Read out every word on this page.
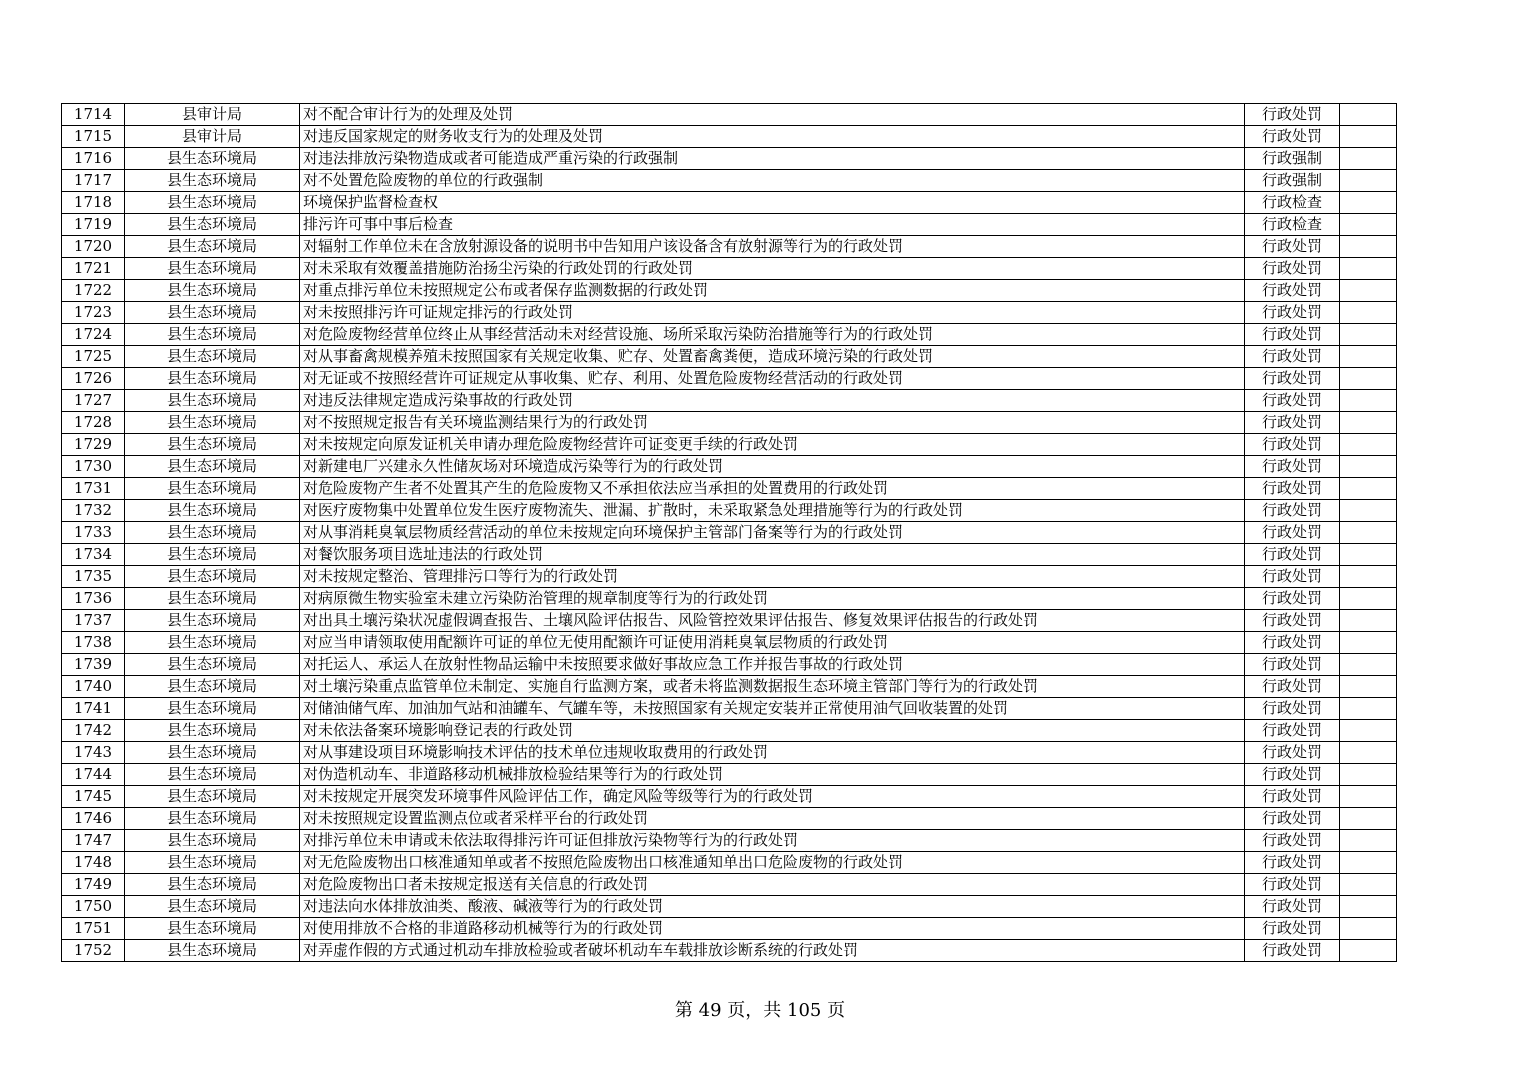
1714	县审计局	对不配合审计行为的处理及处罚	行政处罚	
1715	县审计局	对违反国家规定的财务收支行为的处理及处罚	行政处罚	
1716	县生态环境局	对违法排放污染物造成或者可能造成严重污染的行政强制	行政强制	
1717	县生态环境局	对不处置危险废物的单位的行政强制	行政强制	
1718	县生态环境局	环境保护监督检查权	行政检查	
1719	县生态环境局	排污许可事中事后检查	行政检查	
1720	县生态环境局	对辐射工作单位未在含放射源设备的说明书中告知用户该设备含有放射源等行为的行政处罚	行政处罚	
1721	县生态环境局	对未采取有效覆盖措施防治扬尘污染的行政处罚的行政处罚	行政处罚	
1722	县生态环境局	对重点排污单位未按照规定公布或者保存监测数据的行政处罚	行政处罚	
1723	县生态环境局	对未按照排污许可证规定排污的行政处罚	行政处罚	
1724	县生态环境局	对危险废物经营单位终止从事经营活动未对经营设施、场所采取污染防治措施等行为的行政处罚	行政处罚	
1725	县生态环境局	对从事畜禽规模养殖未按照国家有关规定收集、贮存、处置畜禽粪便，造成环境污染的行政处罚	行政处罚	
1726	县生态环境局	对无证或不按照经营许可证规定从事收集、贮存、利用、处置危险废物经营活动的行政处罚	行政处罚	
1727	县生态环境局	对违反法律规定造成污染事故的行政处罚	行政处罚	
1728	县生态环境局	对不按照规定报告有关环境监测结果行为的行政处罚	行政处罚	
1729	县生态环境局	对未按规定向原发证机关申请办理危险废物经营许可证变更手续的行政处罚	行政处罚	
1730	县生态环境局	对新建电厂兴建永久性储灰场对环境造成污染等行为的行政处罚	行政处罚	
1731	县生态环境局	对危险废物产生者不处置其产生的危险废物又不承担依法应当承担的处置费用的行政处罚	行政处罚	
1732	县生态环境局	对医疗废物集中处置单位发生医疗废物流失、泄漏、扩散时，未采取紧急处理措施等行为的行政处罚	行政处罚	
1733	县生态环境局	对从事消耗臭氧层物质经营活动的单位未按规定向环境保护主管部门备案等行为的行政处罚	行政处罚	
1734	县生态环境局	对餐饮服务项目选址违法的行政处罚	行政处罚	
1735	县生态环境局	对未按规定整治、管理排污口等行为的行政处罚	行政处罚	
1736	县生态环境局	对病原微生物实验室未建立污染防治管理的规章制度等行为的行政处罚	行政处罚	
1737	县生态环境局	对出具土壤污染状况虚假调查报告、土壤风险评估报告、风险管控效果评估报告、修复效果评估报告的行政处罚	行政处罚	
1738	县生态环境局	对应当申请领取使用配额许可证的单位无使用配额许可证使用消耗臭氧层物质的行政处罚	行政处罚	
1739	县生态环境局	对托运人、承运人在放射性物品运输中未按照要求做好事故应急工作并报告事故的行政处罚	行政处罚	
1740	县生态环境局	对土壤污染重点监管单位未制定、实施自行监测方案，或者未将监测数据报生态环境主管部门等行为的行政处罚	行政处罚	
1741	县生态环境局	对储油储气库、加油加气站和油罐车、气罐车等，未按照国家有关规定安装并正常使用油气回收装置的处罚	行政处罚	
1742	县生态环境局	对未依法备案环境影响登记表的行政处罚	行政处罚	
1743	县生态环境局	对从事建设项目环境影响技术评估的技术单位违规收取费用的行政处罚	行政处罚	
1744	县生态环境局	对伪造机动车、非道路移动机械排放检验结果等行为的行政处罚	行政处罚	
1745	县生态环境局	对未按规定开展突发环境事件风险评估工作，确定风险等级等行为的行政处罚	行政处罚	
1746	县生态环境局	对未按照规定设置监测点位或者采样平台的行政处罚	行政处罚	
1747	县生态环境局	对排污单位未申请或未依法取得排污许可证但排放污染物等行为的行政处罚	行政处罚	
1748	县生态环境局	对无危险废物出口核准通知单或者不按照危险废物出口核准通知单出口危险废物的行政处罚	行政处罚	
1749	县生态环境局	对危险废物出口者未按规定报送有关信息的行政处罚	行政处罚	
1750	县生态环境局	对违法向水体排放油类、酸液、碱液等行为的行政处罚	行政处罚	
1751	县生态环境局	对使用排放不合格的非道路移动机械等行为的行政处罚	行政处罚	
1752	县生态环境局	对弄虚作假的方式通过机动车排放检验或者破坏机动车车载排放诊断系统的行政处罚	行政处罚	
第 49 页，共 105 页
